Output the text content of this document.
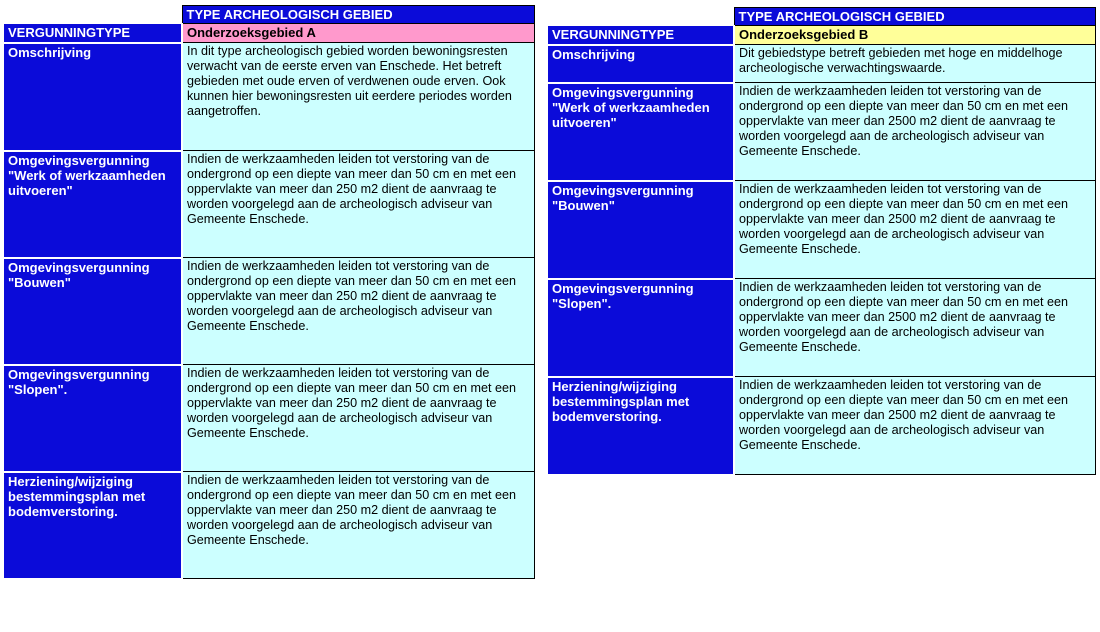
	TYPE ARCHEOLOGISCH GEBIED
VERGUNNINGTYPE	Onderzoeksgebied A
Omschrijving	In dit type archeologisch gebied worden bewoningsresten verwacht van de eerste erven van Enschede. Het betreft gebieden met oude erven of verdwenen oude erven. Ook kunnen hier bewoningsresten uit eerdere periodes worden aangetroffen.
Omgevingsvergunning "Werk of werkzaamheden uitvoeren"	Indien de werkzaamheden leiden tot verstoring van de ondergrond op een diepte van meer dan 50 cm en met een oppervlakte van meer dan 250 m2 dient de aanvraag te worden voorgelegd aan de archeologisch adviseur van Gemeente Enschede.
Omgevingsvergunning "Bouwen"	Indien de werkzaamheden leiden tot verstoring van de ondergrond op een diepte van meer dan 50 cm en met een oppervlakte van meer dan 250 m2 dient de aanvraag te worden voorgelegd aan de archeologisch adviseur van Gemeente Enschede.
Omgevingsvergunning "Slopen".	Indien de werkzaamheden leiden tot verstoring van de ondergrond op een diepte van meer dan 50 cm en met een oppervlakte van meer dan 250 m2 dient de aanvraag te worden voorgelegd aan de archeologisch adviseur van Gemeente Enschede.
Herziening/wijziging bestemmingsplan met bodemverstoring.	Indien de werkzaamheden leiden tot verstoring van de ondergrond op een diepte van meer dan 50 cm en met een oppervlakte van meer dan 250 m2 dient de aanvraag te worden voorgelegd aan de archeologisch adviseur van Gemeente Enschede.
	TYPE ARCHEOLOGISCH GEBIED
VERGUNNINGTYPE	Onderzoeksgebied B
Omschrijving	Dit gebiedstype betreft gebieden met hoge en middelhoge archeologische verwachtingswaarde.
Omgevingsvergunning "Werk of werkzaamheden uitvoeren"	Indien de werkzaamheden leiden tot verstoring van de ondergrond op een diepte van meer dan 50 cm en met een oppervlakte van meer dan 2500 m2 dient de aanvraag te worden voorgelegd aan de archeologisch adviseur van Gemeente Enschede.
Omgevingsvergunning "Bouwen"	Indien de werkzaamheden leiden tot verstoring van de ondergrond op een diepte van meer dan 50 cm en met een oppervlakte van meer dan 2500 m2 dient de aanvraag te worden voorgelegd aan de archeologisch adviseur van Gemeente Enschede.
Omgevingsvergunning "Slopen".	Indien de werkzaamheden leiden tot verstoring van de ondergrond op een diepte van meer dan 50 cm en met een oppervlakte van meer dan 2500 m2 dient de aanvraag te worden voorgelegd aan de archeologisch adviseur van Gemeente Enschede.
Herziening/wijziging bestemmingsplan met bodemverstoring.	Indien de werkzaamheden leiden tot verstoring van de ondergrond op een diepte van meer dan 50 cm en met een oppervlakte van meer dan 2500 m2 dient de aanvraag te worden voorgelegd aan de archeologisch adviseur van Gemeente Enschede.
